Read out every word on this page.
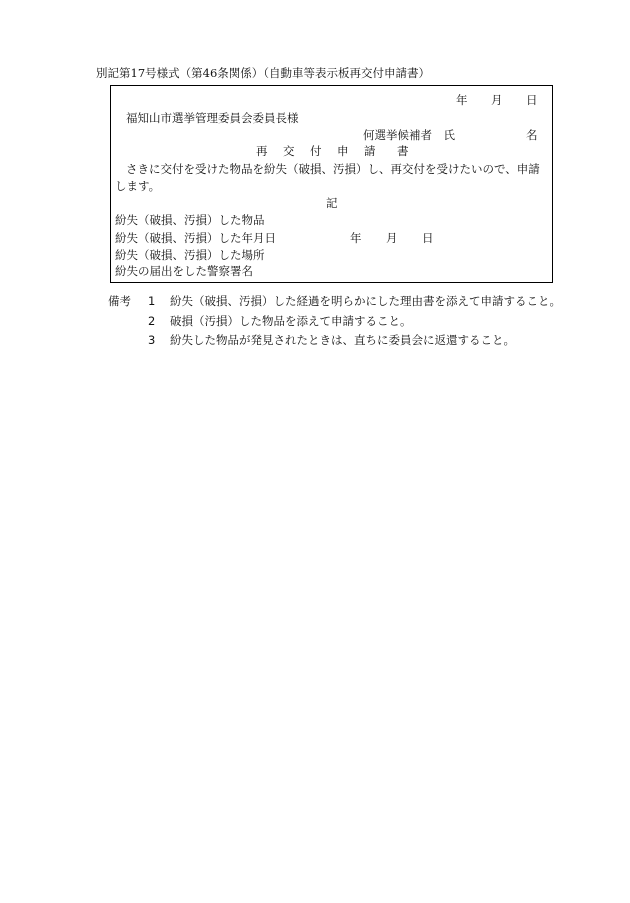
別記第17号様式（第46条関係）（自動車等表示板再交付申請書）
年 月 日
福知山市選挙管理委員会委員長様
何選挙候補者　氏	名
再 交 付 申 請 書
さきに交付を受けた物品を紛失（破損、汚損）し、再交付を受けたいので、申請
します。
記
紛失（破損、汚損）した物品
紛失（破損、汚損）した年月日	年 月 日
紛失（破損、汚損）した場所
紛失の届出をした警察署名
備考 1 紛失（破損、汚損）した経過を明らかにした理由書を添えて申請すること。
2 破損（汚損）した物品を添えて申請すること。
3 紛失した物品が発見されたときは、直ちに委員会に返還すること。
